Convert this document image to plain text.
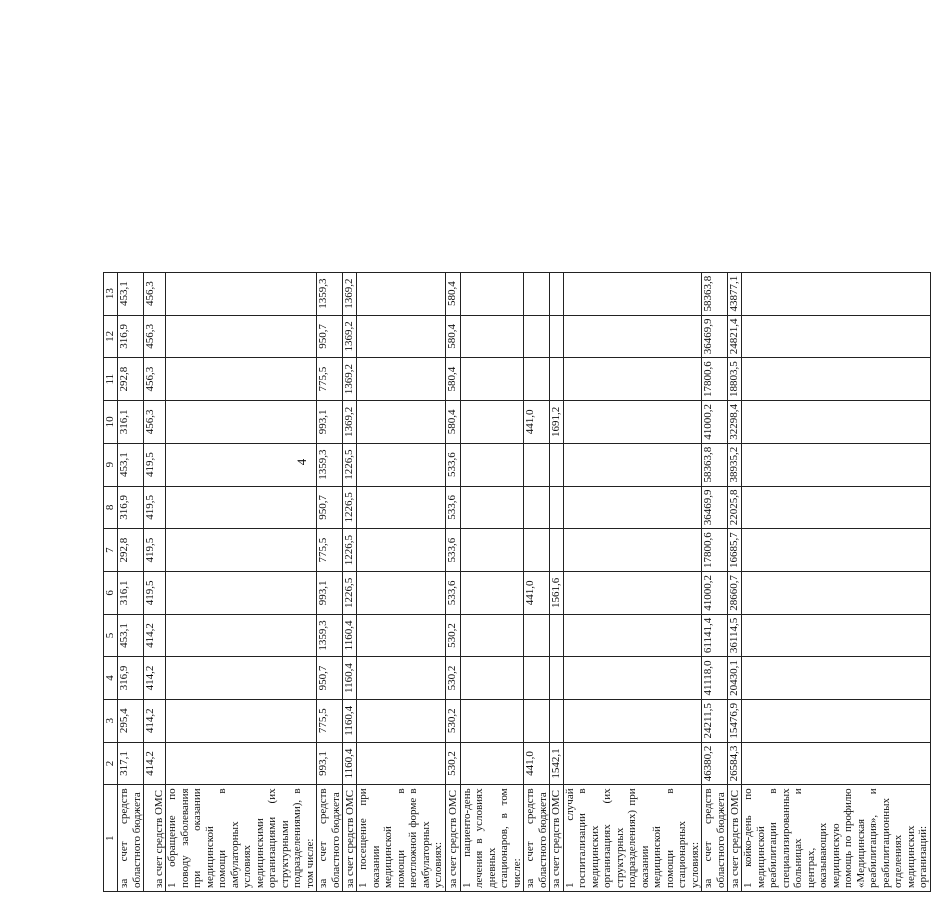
4
1	2	3	4	5	6	7	8	9	10	11	12	13
за счет средств областного бюджета	317,1	295,4	316,9	453,1	316,1	292,8	316,9	453,1	316,1	292,8	316,9	453,1
за счет средств ОМС	414,2	414,2	414,2	414,2	419,5	419,5	419,5	419,5	456,3	456,3	456,3	456,3
1 обращение по поводу заболевания при оказании медицинской помощи в амбулаторных условиях медицинскими организациями (их структурными подразделениями), в том числе:												
за счет средств областного бюджета	993,1	775,5	950,7	1359,3	993,1	775,5	950,7	1359,3	993,1	775,5	950,7	1359,3
за счет средств ОМС	1160,4	1160,4	1160,4	1160,4	1226,5	1226,5	1226,5	1226,5	1369,2	1369,2	1369,2	1369,2
1 посещение при оказании медицинской помощи в неотложной форме в амбулаторных условиях:												
за счет средств ОМС	530,2	530,2	530,2	530,2	533,6	533,6	533,6	533,6	580,4	580,4	580,4	580,4
1 пациенто-день лечения в условиях дневных стационаров, в том числе:												
за счет средств областного бюджета	441,0				441,0				441,0			
за счет средств ОМС	1542,1				1561,6				1691,2			
1 случай госпитализации в медицинских организациях (их структурных подразделениях) при оказании медицинской помощи в стационарных условиях:												
за счет средств областного бюджета	46380,2	24211,5	41118,0	61141,4	41000,2	17800,6	36469,9	58363,8	41000,2	17800,6	36469,9	58363,8
за счет средств ОМС	26584,3	15476,9	20430,1	36114,5	28660,7	16685,7	22025,8	38935,2	32298,4	18803,5	24821,4	43877,1
1 койко-день по медицинской реабилитации в специализированных больницах и центрах, оказывающих медицинскую помощь по профилю «Медицинская реабилитация», и реабилитационных отделениях медицинских организаций:												
